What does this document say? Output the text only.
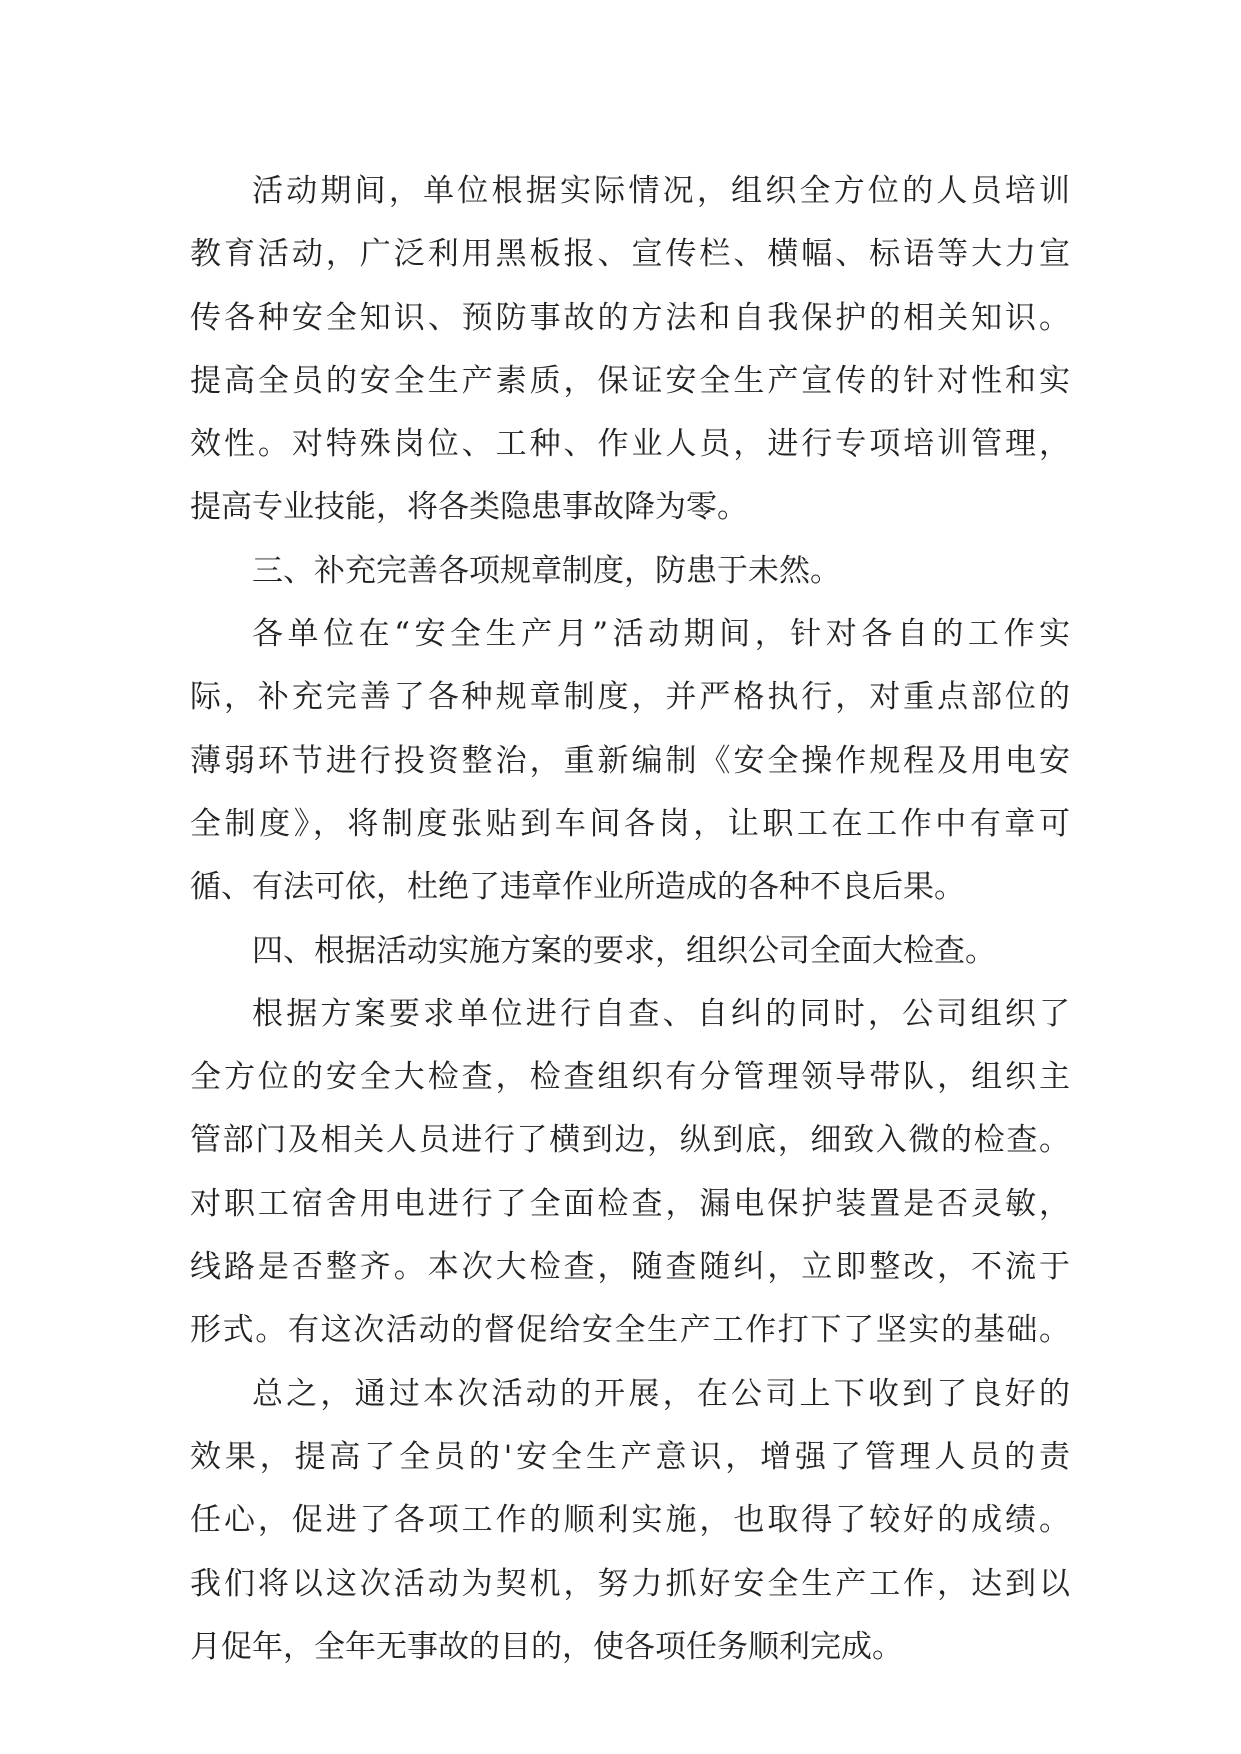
活动期间，单位根据实际情况，组织全方位的人员培训
教育活动，广泛利用黑板报、宣传栏、横幅、标语等大力宣
传各种安全知识、预防事故的方法和自我保护的相关知识。
提高全员的安全生产素质，保证安全生产宣传的针对性和实
效性。对特殊岗位、工种、作业人员，进行专项培训管理，
提高专业技能，将各类隐患事故降为零。
三、补充完善各项规章制度，防患于未然。
各单位在“安全生产月”活动期间，针对各自的工作实
际，补充完善了各种规章制度，并严格执行，对重点部位的
薄弱环节进行投资整治，重新编制《安全操作规程及用电安
全制度》，将制度张贴到车间各岗，让职工在工作中有章可
循、有法可依，杜绝了违章作业所造成的各种不良后果。
四、根据活动实施方案的要求，组织公司全面大检查。
根据方案要求单位进行自查、自纠的同时，公司组织了
全方位的安全大检查，检查组织有分管理领导带队，组织主
管部门及相关人员进行了横到边，纵到底，细致入微的检查。
对职工宿舍用电进行了全面检查，漏电保护装置是否灵敏，
线路是否整齐。本次大检查，随查随纠，立即整改，不流于
形式。有这次活动的督促给安全生产工作打下了坚实的基础。
总之，通过本次活动的开展，在公司上下收到了良好的
效果，提高了全员的'安全生产意识，增强了管理人员的责
任心，促进了各项工作的顺利实施，也取得了较好的成绩。
我们将以这次活动为契机，努力抓好安全生产工作，达到以
月促年，全年无事故的目的，使各项任务顺利完成。
